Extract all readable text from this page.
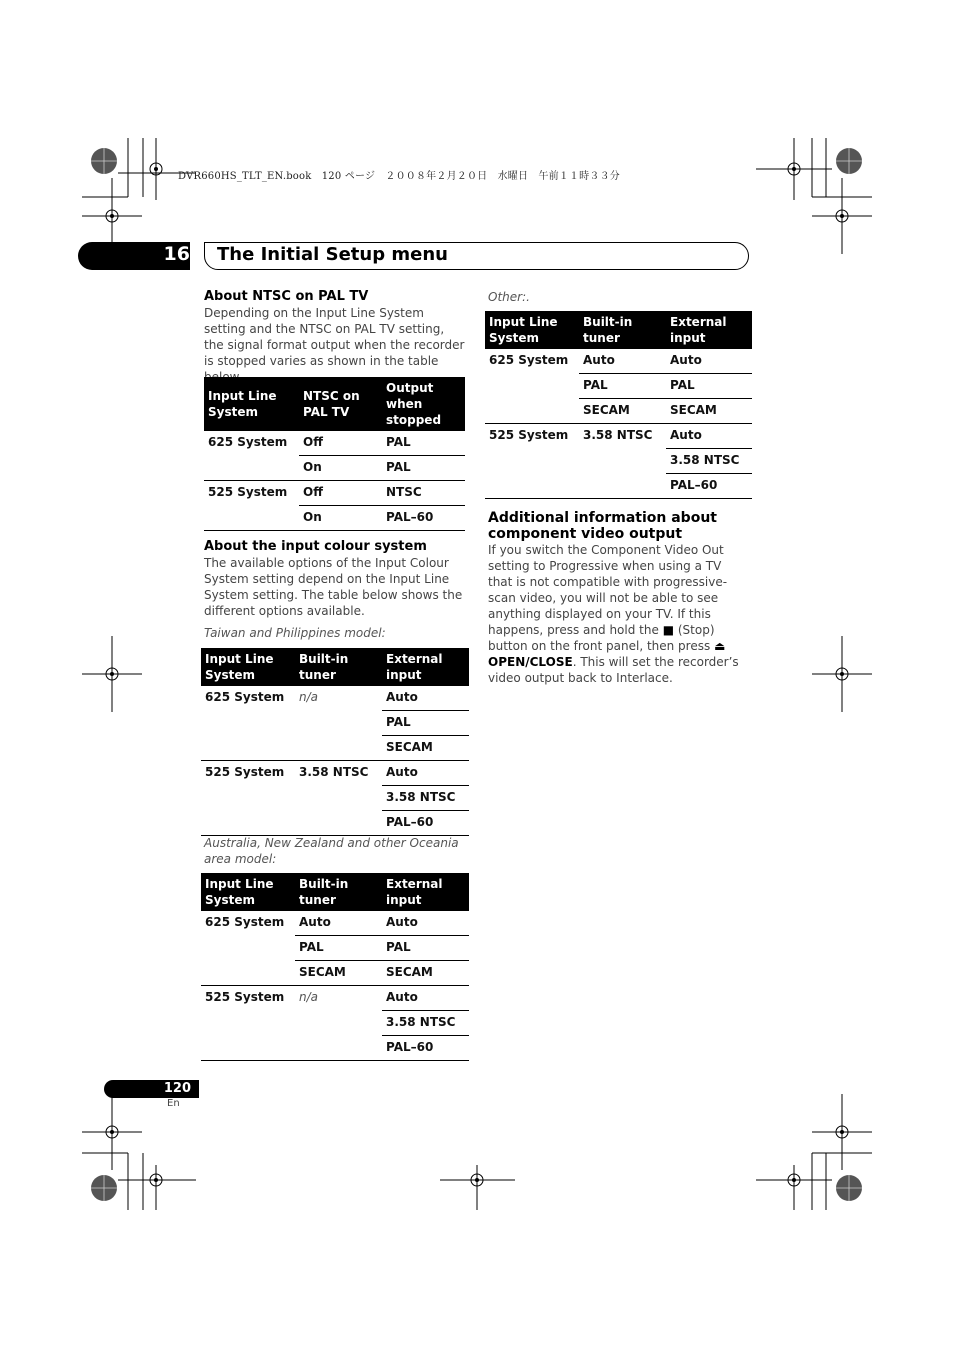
DVR660HS_TLT_EN.book　120 ページ　２００８年２月２０日　水曜日　午前１１時３３分
16 The Initial Setup menu
About NTSC on PAL TV

Depending on the Input Line System setting and the NTSC on PAL TV setting, the signal format output when the recorder is stopped varies as shown in the table

Input Line System	NTSC on PAL TV	Output when stopped
625 System	Off	PAL
	On	PAL
525 System	Off	NTSC
	On	PAL–60
About the input colour system

The available options of the Input Colour System setting depend on the Input Line System setting. The table below shows the different options available.

Taiwan and Philippines model:

Input Line System	Built-in tuner	External input
625 System	n/a	Auto
		PAL
		SECAM
525 System	3.58 NTSC	Auto
		3.58 NTSC
		PAL–60

Australia, New Zealand and other Oceania area model:

Input Line System	Built-in tuner	External input
625 System	Auto	Auto
	PAL	PAL
	SECAM	SECAM
525 System	n/a	Auto
		3.58 NTSC
		PAL–60

Other:.

Input Line System	Built-in tuner	External input
625 System	Auto	Auto
	PAL	PAL
	SECAM	SECAM
525 System	3.58 NTSC	Auto
		3.58 NTSC
		PAL–60
Additional information about component video output

If you switch the Component Video Out setting to Progressive when using a TV that is not compatible with progressive-scan video, you will not be able to see anything displayed on your TV. If this happens, press and hold the ■ (Stop) button on the front panel, then press ⏏ OPEN/CLOSE. This will set the recorder’s video output back to Interlace.

120
En
